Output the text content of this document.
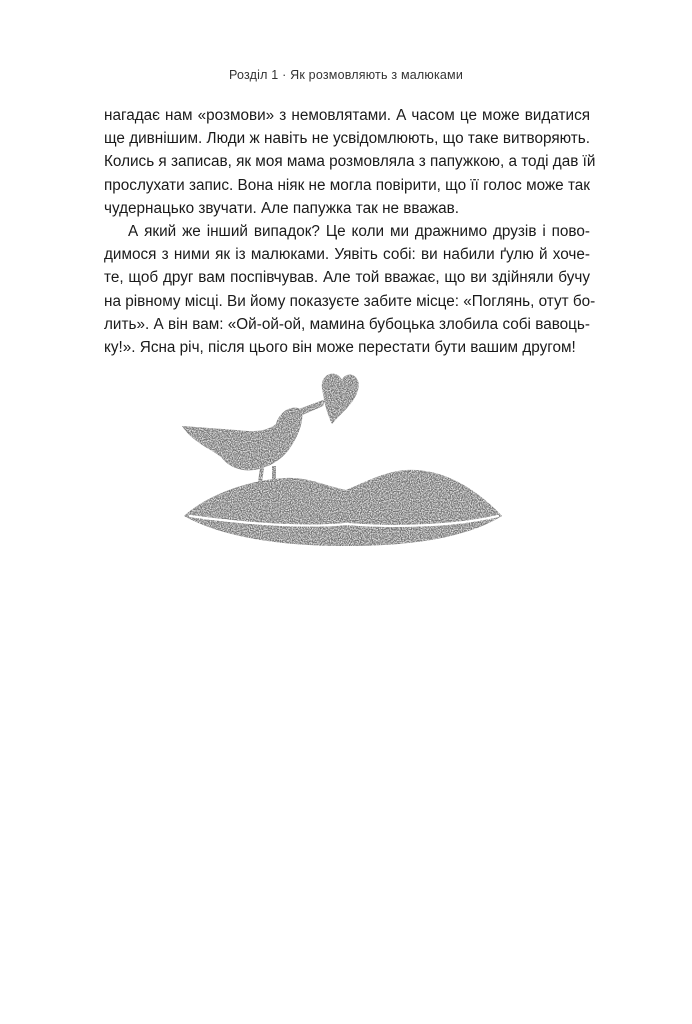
Розділ 1 · Як розмовляють з малюками
нагадає нам «розмови» з немовлятами. А часом це може видатися
ще дивнішим. Люди ж навіть не усвідомлюють, що таке витворяють.
Колись я записав, як моя мама розмовляла з папужкою, а тоді дав їй
прослухати запис. Вона ніяк не могла повірити, що її голос може так
чудернацько звучати. Але папужка так не вважав.
А який же інший випадок? Це коли ми дражнимо друзів і пово-
димося з ними як із малюками. Уявіть собі: ви набили ґулю й хоче-
те, щоб друг вам поспівчував. Але той вважає, що ви здійняли бучу
на рівному місці. Ви йому показуєте забите місце: «Поглянь, отут бо-
лить». А він вам: «Ой-ой-ой, мамина бубоцька злобила собі вавоць-
ку!». Ясна річ, після цього він може перестати бути вашим другом!
